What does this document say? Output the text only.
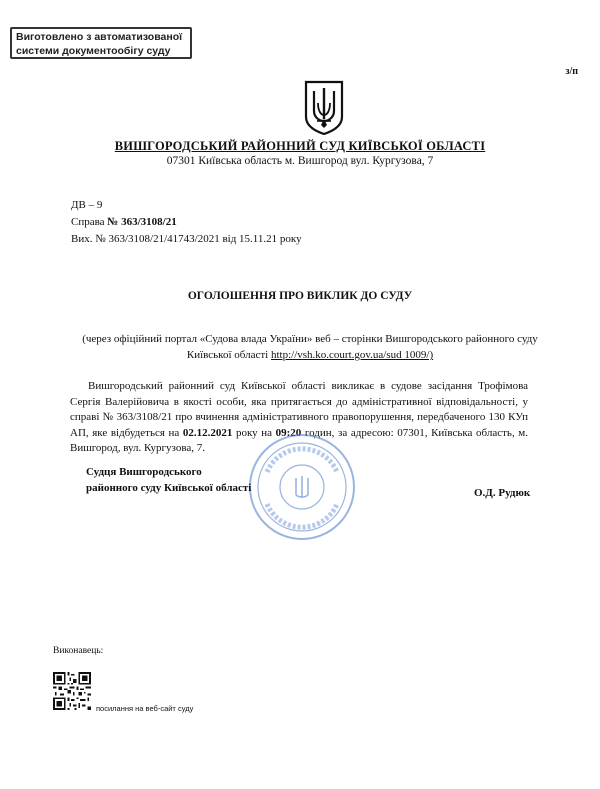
Виготовлено з автоматизованої
системи документообігу суду
з/п
ВИШГОРОДСЬКИЙ РАЙОННИЙ СУД КИЇВСЬКОЇ ОБЛАСТІ
07301 Київська область м. Вишгород вул. Кургузова, 7
ДВ – 9
Справа № 363/3108/21
Вих. № 363/3108/21/41743/2021 від 15.11.21 року
ОГОЛОШЕННЯ ПРО ВИКЛИК ДО СУДУ
(через офіційний портал «Судова влада України» веб – сторінки Вишгородського районного суду Київської області http://vsh.ko.court.gov.ua/sud 1009/)
Вишгородський районний суд Київської області викликає в судове засідання Трофімова Сергія Валерійовича в якості особи, яка притягається до адміністративної відповідальності, у справі № 363/3108/21 про вчинення адміністративного правопорушення, передбаченого 130 КУп АП, яке відбудеться на 02.12.2021 року на 09:20 годин, за адресою: 07301, Київська область, м. Вишгород, вул. Кургузова, 7.
Судця Вишгородського
районного суду Київської області	О.Д. Рудюк
Виконавець:
посилання на веб-сайт суду
